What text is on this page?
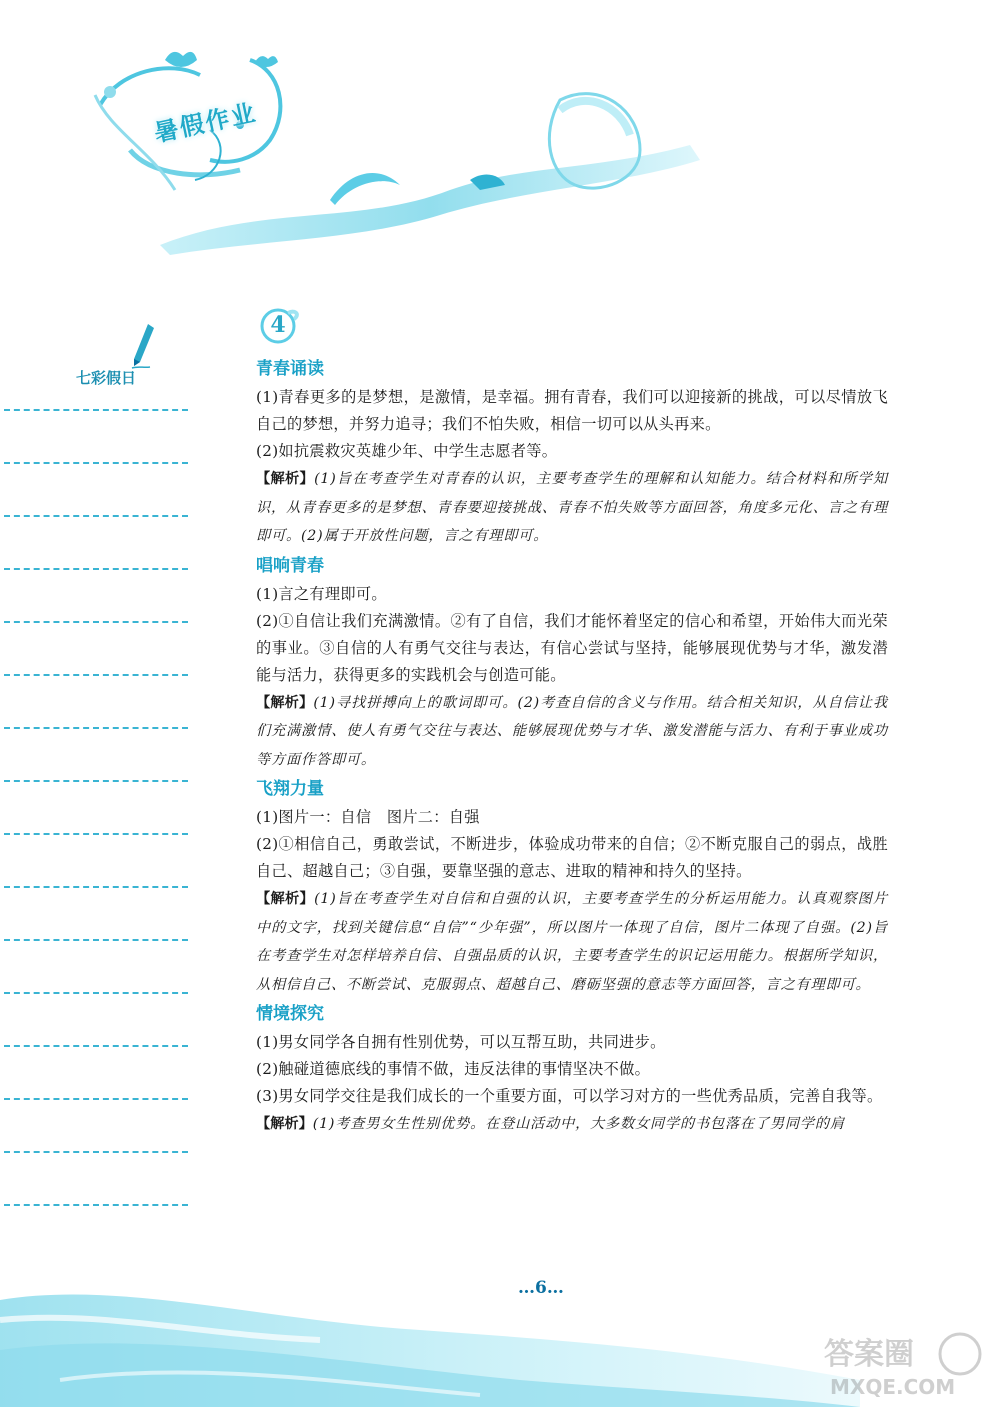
暑假作业
七彩假日
4
青春诵读

(1)青春更多的是梦想，是激情，是幸福。拥有青春，我们可以迎接新的挑战，可以尽情放飞自己的梦想，并努力追寻；我们不怕失败，相信一切可以从头再来。

(2)如抗震救灾英雄少年、中学生志愿者等。

【解析】(1)旨在考查学生对青春的认识，主要考查学生的理解和认知能力。结合材料和所学知识，从青春更多的是梦想、青春要迎接挑战、青春不怕失败等方面回答，角度多元化、言之有理即可。(2)属于开放性问题，言之有理即可。

唱响青春

(1)言之有理即可。

(2)①自信让我们充满激情。②有了自信，我们才能怀着坚定的信心和希望，开始伟大而光荣的事业。③自信的人有勇气交往与表达，有信心尝试与坚持，能够展现优势与才华，激发潜能与活力，获得更多的实践机会与创造可能。

【解析】(1)寻找拼搏向上的歌词即可。(2)考查自信的含义与作用。结合相关知识，从自信让我们充满激情、使人有勇气交往与表达、能够展现优势与才华、激发潜能与活力、有利于事业成功等方面作答即可。

飞翔力量

(1)图片一：自信　图片二：自强

(2)①相信自己，勇敢尝试，不断进步，体验成功带来的自信；②不断克服自己的弱点，战胜自己、超越自己；③自强，要靠坚强的意志、进取的精神和持久的坚持。

【解析】(1)旨在考查学生对自信和自强的认识，主要考查学生的分析运用能力。认真观察图片中的文字，找到关键信息“自信”“少年强”，所以图片一体现了自信，图片二体现了自强。(2)旨在考查学生对怎样培养自信、自强品质的认识，主要考查学生的识记运用能力。根据所学知识，从相信自己、不断尝试、克服弱点、超越自己、磨砺坚强的意志等方面回答，言之有理即可。

情境探究

(1)男女同学各自拥有性别优势，可以互帮互助，共同进步。

(2)触碰道德底线的事情不做，违反法律的事情坚决不做。

(3)男女同学交往是我们成长的一个重要方面，可以学习对方的一些优秀品质，完善自我等。

【解析】(1)考查男女生性别优势。在登山活动中，大多数女同学的书包落在了男同学的肩

…6…
答案圈
MXQE.COM
